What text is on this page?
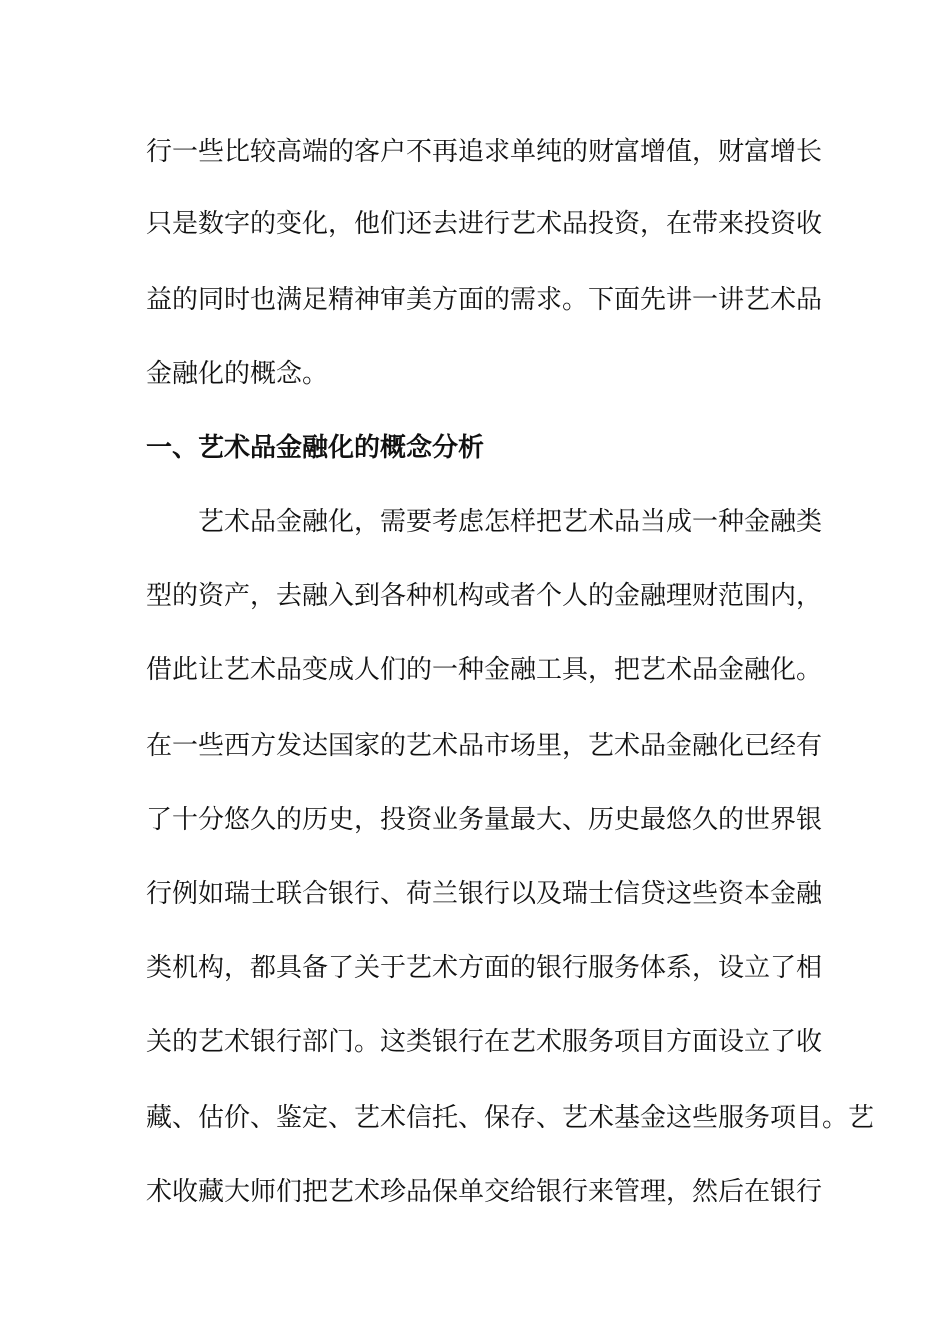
行一些比较高端的客户不再追求单纯的财富增值，财富增长
只是数字的变化，他们还去进行艺术品投资，在带来投资收
益的同时也满足精神审美方面的需求。下面先讲一讲艺术品
金融化的概念。
一、艺术品金融化的概念分析
艺术品金融化，需要考虑怎样把艺术品当成一种金融类
型的资产，去融入到各种机构或者个人的金融理财范围内，
借此让艺术品变成人们的一种金融工具，把艺术品金融化。
在一些西方发达国家的艺术品市场里，艺术品金融化已经有
了十分悠久的历史，投资业务量最大、历史最悠久的世界银
行例如瑞士联合银行、荷兰银行以及瑞士信贷这些资本金融
类机构，都具备了关于艺术方面的银行服务体系，设立了相
关的艺术银行部门。这类银行在艺术服务项目方面设立了收
藏、估价、鉴定、艺术信托、保存、艺术基金这些服务项目。艺
术收藏大师们把艺术珍品保单交给银行来管理，然后在银行
